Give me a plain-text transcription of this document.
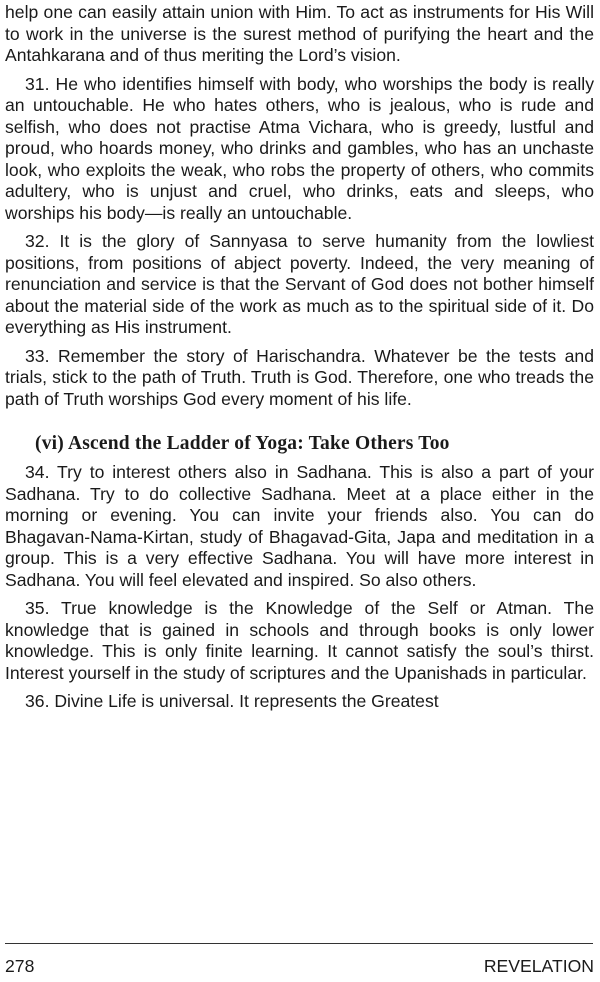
help one can easily attain union with Him. To act as instruments for His Will to work in the universe is the surest method of purifying the heart and the Antahkarana and of thus meriting the Lord’s vision.

31. He who identifies himself with body, who worships the body is really an untouchable. He who hates others, who is jealous, who is rude and selfish, who does not practise Atma Vichara, who is greedy, lustful and proud, who hoards money, who drinks and gambles, who has an unchaste look, who exploits the weak, who robs the property of others, who commits adultery, who is unjust and cruel, who drinks, eats and sleeps, who worships his body—is really an untouchable.

32. It is the glory of Sannyasa to serve humanity from the lowliest positions, from positions of abject poverty. Indeed, the very meaning of renunciation and service is that the Servant of God does not bother himself about the material side of the work as much as to the spiritual side of it. Do everything as His instrument.

33. Remember the story of Harischandra. Whatever be the tests and trials, stick to the path of Truth. Truth is God. Therefore, one who treads the path of Truth worships God every moment of his life.

(vi) Ascend the Ladder of Yoga: Take Others Too

34. Try to interest others also in Sadhana. This is also a part of your Sadhana. Try to do collective Sadhana. Meet at a place either in the morning or evening. You can invite your friends also. You can do Bhagavan-Nama-Kirtan, study of Bhagavad-Gita, Japa and meditation in a group. This is a very effective Sadhana. You will have more interest in Sadhana. You will feel elevated and inspired. So also others.

35. True knowledge is the Knowledge of the Self or Atman. The knowledge that is gained in schools and through books is only lower knowledge. This is only finite learning. It cannot satisfy the soul’s thirst. Interest yourself in the study of scriptures and the Upanishads in particular.

36. Divine Life is universal. It represents the Greatest

278	REVELATION
